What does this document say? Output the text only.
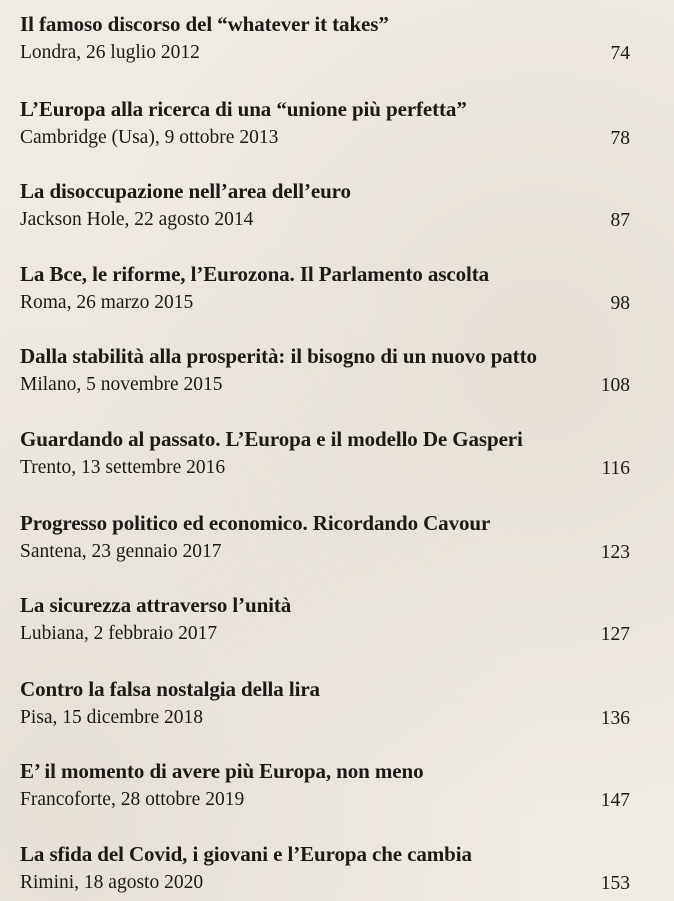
Il famoso discorso del “whatever it takes”
Londra, 26 luglio 2012	74
L’Europa alla ricerca di una “unione più perfetta”
Cambridge (Usa), 9 ottobre 2013	78
La disoccupazione nell’area dell’euro
Jackson Hole, 22 agosto 2014	87
La Bce, le riforme, l’Eurozona. Il Parlamento ascolta
Roma, 26 marzo 2015	98
Dalla stabilità alla prosperità: il bisogno di un nuovo patto
Milano, 5 novembre 2015	108
Guardando al passato. L’Europa e il modello De Gasperi
Trento, 13 settembre 2016	116
Progresso politico ed economico. Ricordando Cavour
Santena, 23 gennaio 2017	123
La sicurezza attraverso l’unità
Lubiana, 2 febbraio 2017	127
Contro la falsa nostalgia della lira
Pisa, 15 dicembre 2018	136
E’ il momento di avere più Europa, non meno
Francoforte, 28 ottobre 2019	147
La sfida del Covid, i giovani e l’Europa che cambia
Rimini, 18 agosto 2020	153
